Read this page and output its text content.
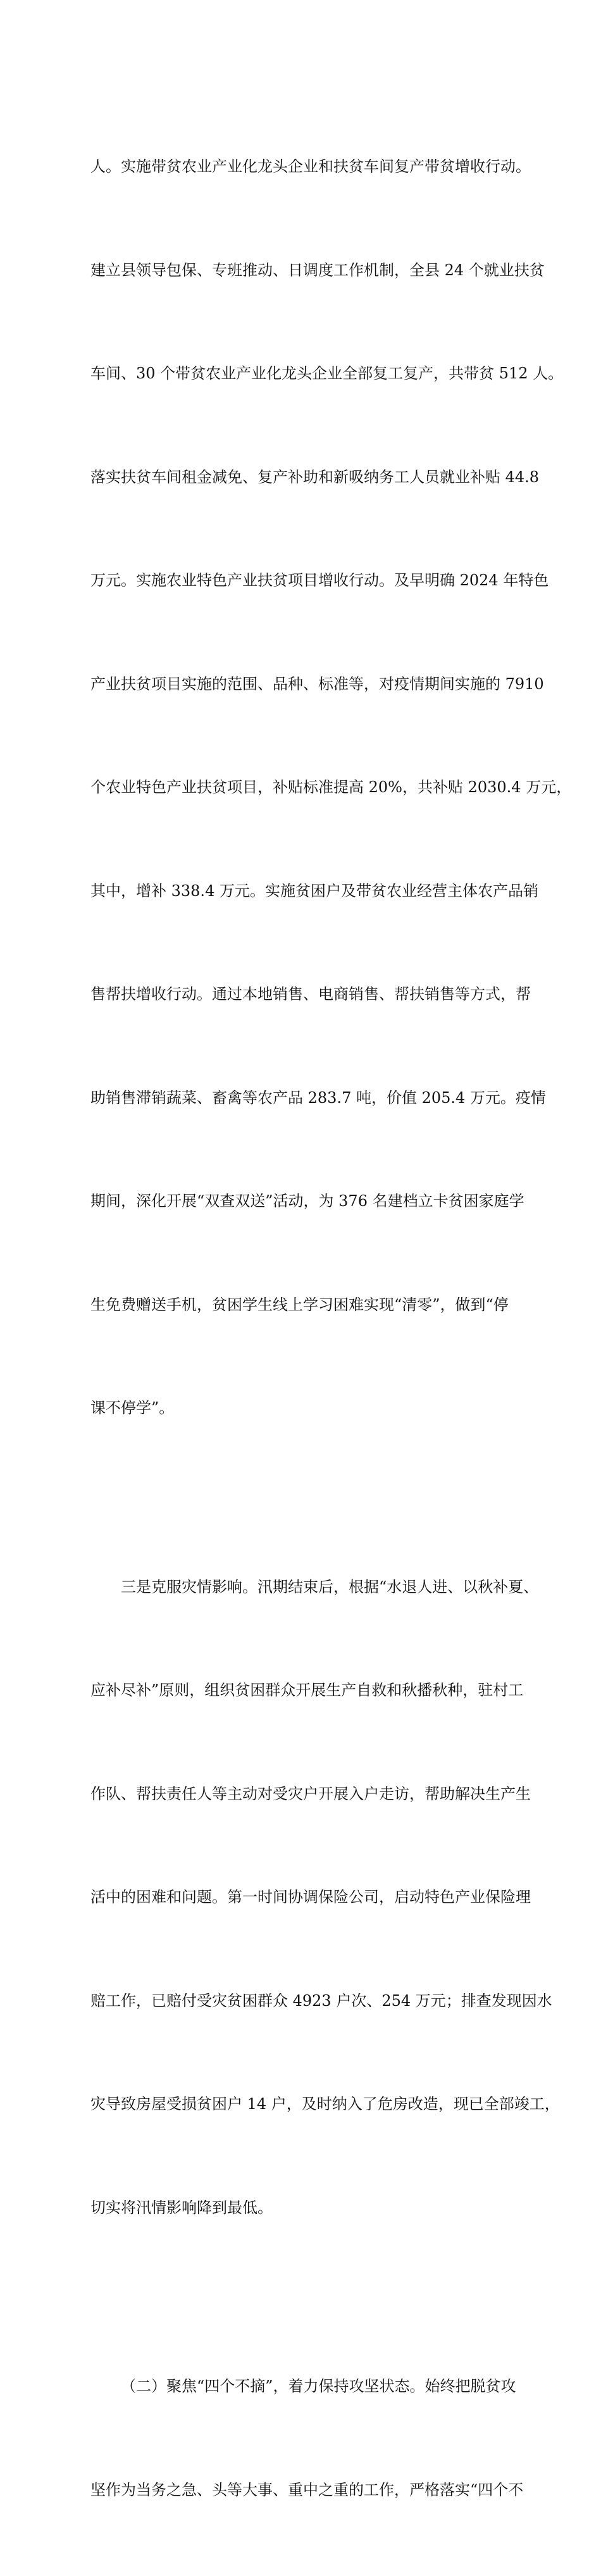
人。实施带贫农业产业化龙头企业和扶贫车间复产带贫增收行动。

建立县领导包保、专班推动、日调度工作机制，全县 24 个就业扶贫

车间、30 个带贫农业产业化龙头企业全部复工复产，共带贫 512 人。

落实扶贫车间租金减免、复产补助和新吸纳务工人员就业补贴 44.8

万元。实施农业特色产业扶贫项目增收行动。及早明确 2024 年特色

产业扶贫项目实施的范围、品种、标准等，对疫情期间实施的 7910

个农业特色产业扶贫项目，补贴标准提高 20%，共补贴 2030.4 万元，

其中，增补 338.4 万元。实施贫困户及带贫农业经营主体农产品销

售帮扶增收行动。通过本地销售、电商销售、帮扶销售等方式，帮

助销售滞销蔬菜、畜禽等农产品 283.7 吨，价值 205.4 万元。疫情

期间，深化开展“双查双送”活动，为 376 名建档立卡贫困家庭学

生免费赠送手机，贫困学生线上学习困难实现“清零”，做到“停

课不停学”。

三是克服灾情影响。汛期结束后，根据“水退人进、以秋补夏、

应补尽补”原则，组织贫困群众开展生产自救和秋播秋种，驻村工

作队、帮扶责任人等主动对受灾户开展入户走访，帮助解决生产生

活中的困难和问题。第一时间协调保险公司，启动特色产业保险理

赔工作，已赔付受灾贫困群众 4923 户次、254 万元；排查发现因水

灾导致房屋受损贫困户 14 户，及时纳入了危房改造，现已全部竣工，

切实将汛情影响降到最低。

（二）聚焦“四个不摘”，着力保持攻坚状态。始终把脱贫攻

坚作为当务之急、头等大事、重中之重的工作，严格落实“四个不
